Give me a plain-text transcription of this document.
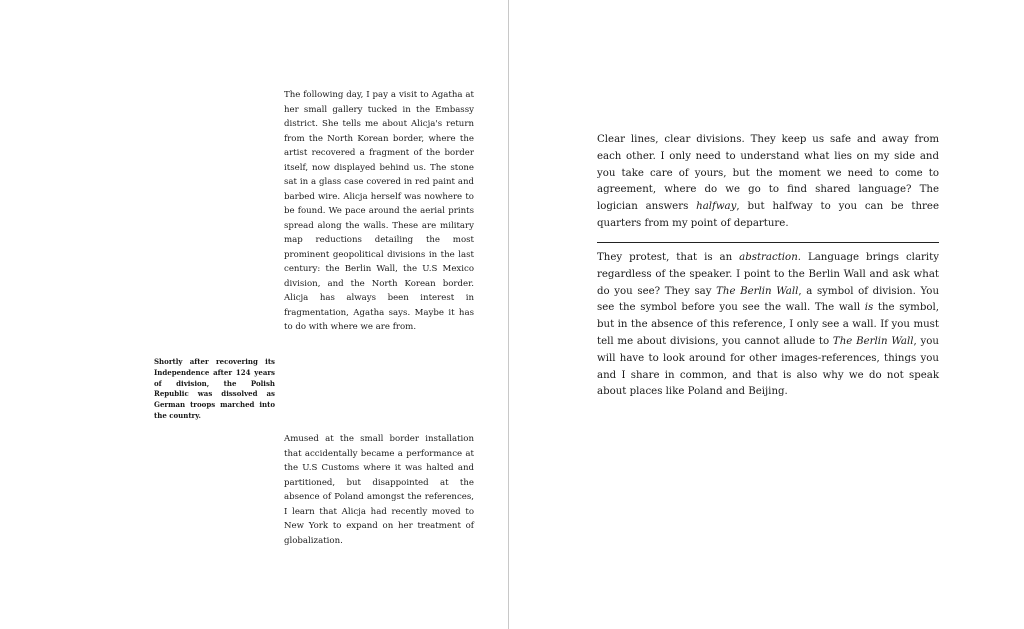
The following day, I pay a visit to Agatha at her small gallery tucked in the Embassy district. She tells me about Alicja's return from the North Korean border, where the artist recovered a fragment of the border itself, now displayed behind us. The stone sat in a glass case covered in red paint and barbed wire. Alicja herself was nowhere to be found. We pace around the aerial prints spread along the walls. These are military map reductions detailing the most prominent geopolitical divisions in the last century: the Berlin Wall, the U.S Mexico division, and the North Korean border. Alicja has always been interest in fragmentation, Agatha says. Maybe it has to do with where we are from.

Shortly after recovering its Independence after 124 years of division, the Polish Republic was dissolved as German troops marched into the country.

Amused at the small border installation that accidentally became a performance at the U.S Customs where it was halted and partitioned, but disappointed at the absence of Poland amongst the references, I learn that Alicja had recently moved to New York to expand on her treatment of globalization.

Clear lines, clear divisions. They keep us safe and away from each other. I only need to understand what lies on my side and you take care of yours, but the moment we need to come to agreement, where do we go to find shared language? The logician answers halfway, but halfway to you can be three quarters from my point of departure.

They protest, that is an abstraction. Language brings clarity regardless of the speaker. I point to the Berlin Wall and ask what do you see? They say The Berlin Wall, a symbol of division. You see the symbol before you see the wall. The wall is the symbol, but in the absence of this reference, I only see a wall. If you must tell me about divisions, you cannot allude to The Berlin Wall, you will have to look around for other images-references, things you and I share in common, and that is also why we do not speak about places like Poland and Beijing.
